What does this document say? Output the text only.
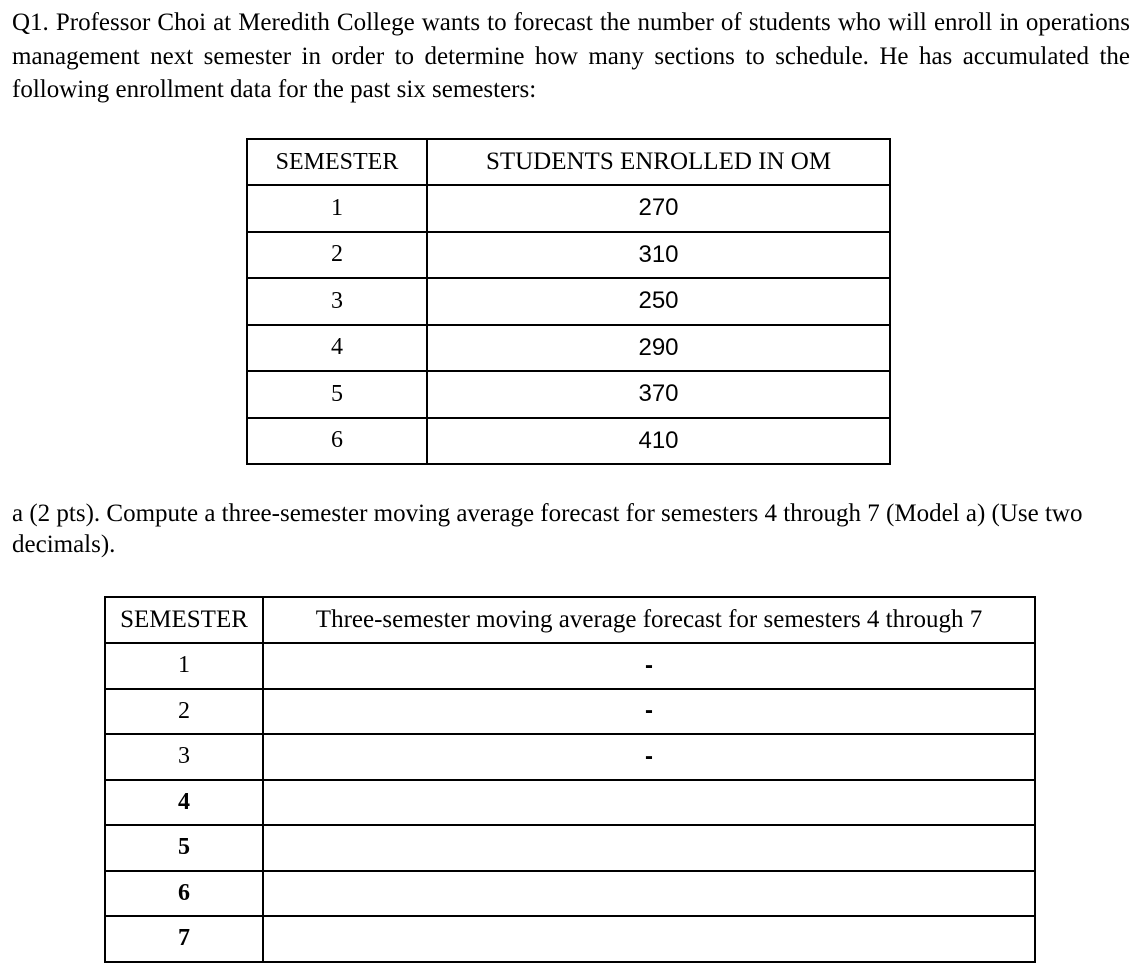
Q1. Professor Choi at Meredith College wants to forecast the number of students who will enroll in operations management next semester in order to determine how many sections to schedule. He has accumulated the following enrollment data for the past six semesters:

SEMESTER	STUDENTS ENROLLED IN OM
1	270
2	310
3	250
4	290
5	370
6	410

a (2 pts). Compute a three-semester moving average forecast for semesters 4 through 7 (Model a) (Use two decimals).

SEMESTER	Three-semester moving average forecast for semesters 4 through 7
1	-
2	-
3	-
4	
5	
6	
7	
